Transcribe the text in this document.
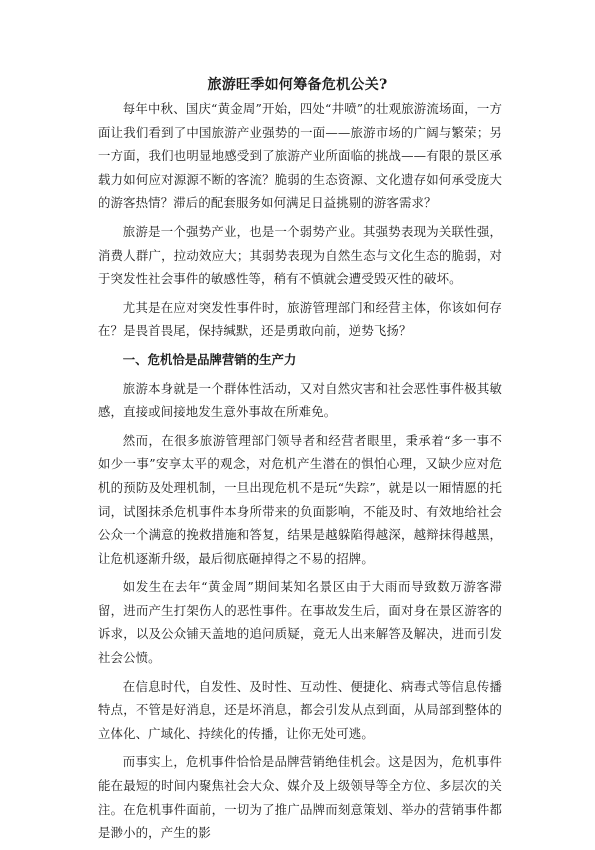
旅游旺季如何筹备危机公关?

每年中秋、国庆“黄金周”开始，四处“井喷”的壮观旅游流场面，一方面让我们看到了中国旅游产业强势的一面——旅游市场的广阔与繁荣；另一方面，我们也明显地感受到了旅游产业所面临的挑战——有限的景区承载力如何应对源源不断的客流？脆弱的生态资源、文化遗存如何承受庞大的游客热情？滞后的配套服务如何满足日益挑剔的游客需求？

旅游是一个强势产业，也是一个弱势产业。其强势表现为关联性强，消费人群广，拉动效应大；其弱势表现为自然生态与文化生态的脆弱，对于突发性社会事件的敏感性等，稍有不慎就会遭受毁灭性的破坏。

尤其是在应对突发性事件时，旅游管理部门和经营主体，你该如何存在？是畏首畏尾，保持缄默，还是勇敢向前，逆势飞扬？

一、危机恰是品牌营销的生产力

旅游本身就是一个群体性活动，又对自然灾害和社会恶性事件极其敏感，直接或间接地发生意外事故在所难免。

然而，在很多旅游管理部门领导者和经营者眼里，秉承着“多一事不如少一事”安享太平的观念，对危机产生潜在的惧怕心理，又缺少应对危机的预防及处理机制，一旦出现危机不是玩“失踪”，就是以一厢情愿的托词，试图抹杀危机事件本身所带来的负面影响，不能及时、有效地给社会公众一个满意的挽救措施和答复，结果是越躲陷得越深，越辩抹得越黑，让危机逐渐升级，最后彻底砸掉得之不易的招牌。

如发生在去年“黄金周”期间某知名景区由于大雨而导致数万游客滞留，进而产生打架伤人的恶性事件。在事故发生后，面对身在景区游客的诉求，以及公众铺天盖地的追问质疑，竟无人出来解答及解决，进而引发社会公愤。

在信息时代，自发性、及时性、互动性、便捷化、病毒式等信息传播特点，不管是好消息，还是坏消息，都会引发从点到面，从局部到整体的立体化、广域化、持续化的传播，让你无处可逃。

而事实上，危机事件恰恰是品牌营销绝佳机会。这是因为，危机事件能在最短的时间内聚焦社会大众、媒介及上级领导等全方位、多层次的关注。在危机事件面前，一切为了推广品牌而刻意策划、举办的营销事件都是渺小的，产生的影
